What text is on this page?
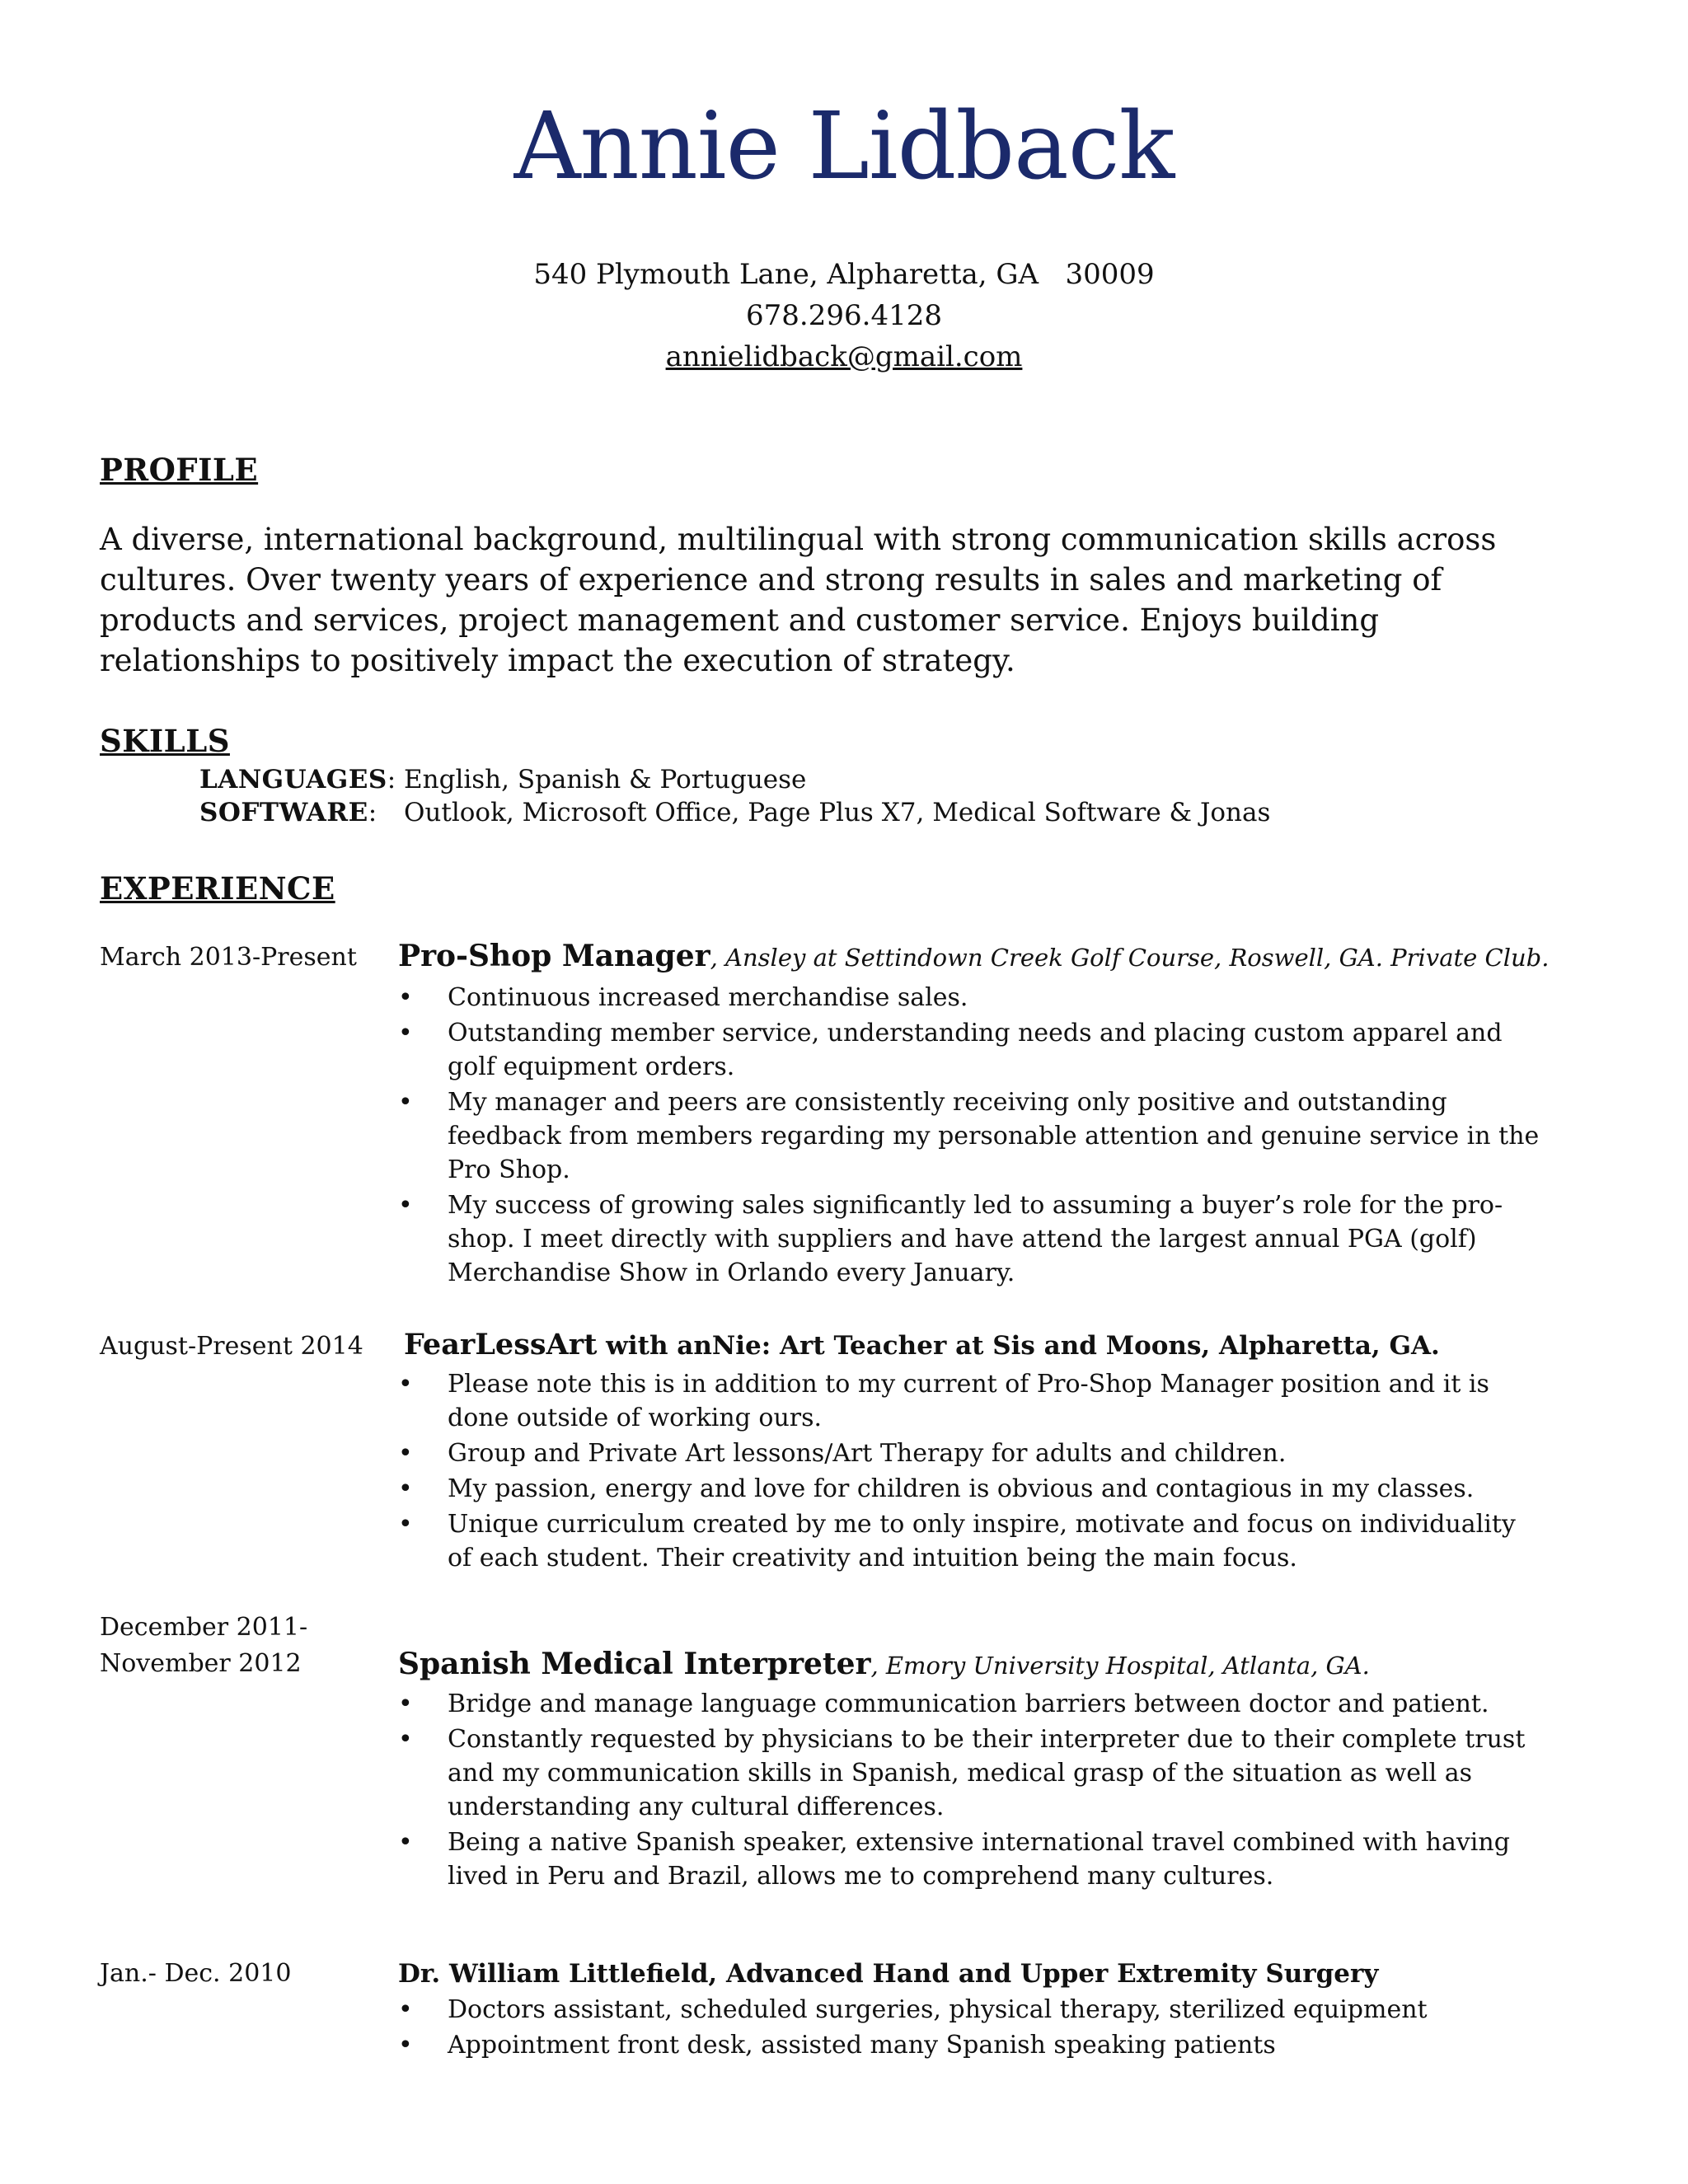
Annie Lidback
540 Plymouth Lane, Alpharetta, GA   30009
678.296.4128
annielidback@gmail.com
PROFILE

A diverse, international background, multilingual with strong communication skills across cultures. Over twenty years of experience and strong results in sales and marketing of products and services, project management and customer service. Enjoys building relationships to positively impact the execution of strategy.

SKILLS
LANGUAGES: English, Spanish & Portuguese
SOFTWARE: Outlook, Microsoft Office, Page Plus X7, Medical Software & Jonas
EXPERIENCE
March 2013-Present Pro-Shop Manager, Ansley at Settindown Creek Golf Course, Roswell, GA. Private Club.
• Continuous increased merchandise sales.
• Outstanding member service, understanding needs and placing custom apparel and golf equipment orders.
• My manager and peers are consistently receiving only positive and outstanding feedback from members regarding my personable attention and genuine service in the Pro Shop.
• My success of growing sales significantly led to assuming a buyer’s role for the pro-shop. I meet directly with suppliers and have attend the largest annual PGA (golf) Merchandise Show in Orlando every January.
August-Present 2014 FearLessArt with anNie: Art Teacher at Sis and Moons, Alpharetta, GA.
• Please note this is in addition to my current of Pro-Shop Manager position and it is done outside of working ours.
• Group and Private Art lessons/Art Therapy for adults and children.
• My passion, energy and love for children is obvious and contagious in my classes.
• Unique curriculum created by me to only inspire, motivate and focus on individuality of each student. Their creativity and intuition being the main focus.
December 2011-
November 2012	Spanish Medical Interpreter, Emory University Hospital, Atlanta, GA.
• Bridge and manage language communication barriers between doctor and patient.
• Constantly requested by physicians to be their interpreter due to their complete trust and my communication skills in Spanish, medical grasp of the situation as well as understanding any cultural differences.
• Being a native Spanish speaker, extensive international travel combined with having lived in Peru and Brazil, allows me to comprehend many cultures.
Jan.- Dec. 2010	Dr. William Littlefield, Advanced Hand and Upper Extremity Surgery
• Doctors assistant, scheduled surgeries, physical therapy, sterilized equipment
• Appointment front desk, assisted many Spanish speaking patients
